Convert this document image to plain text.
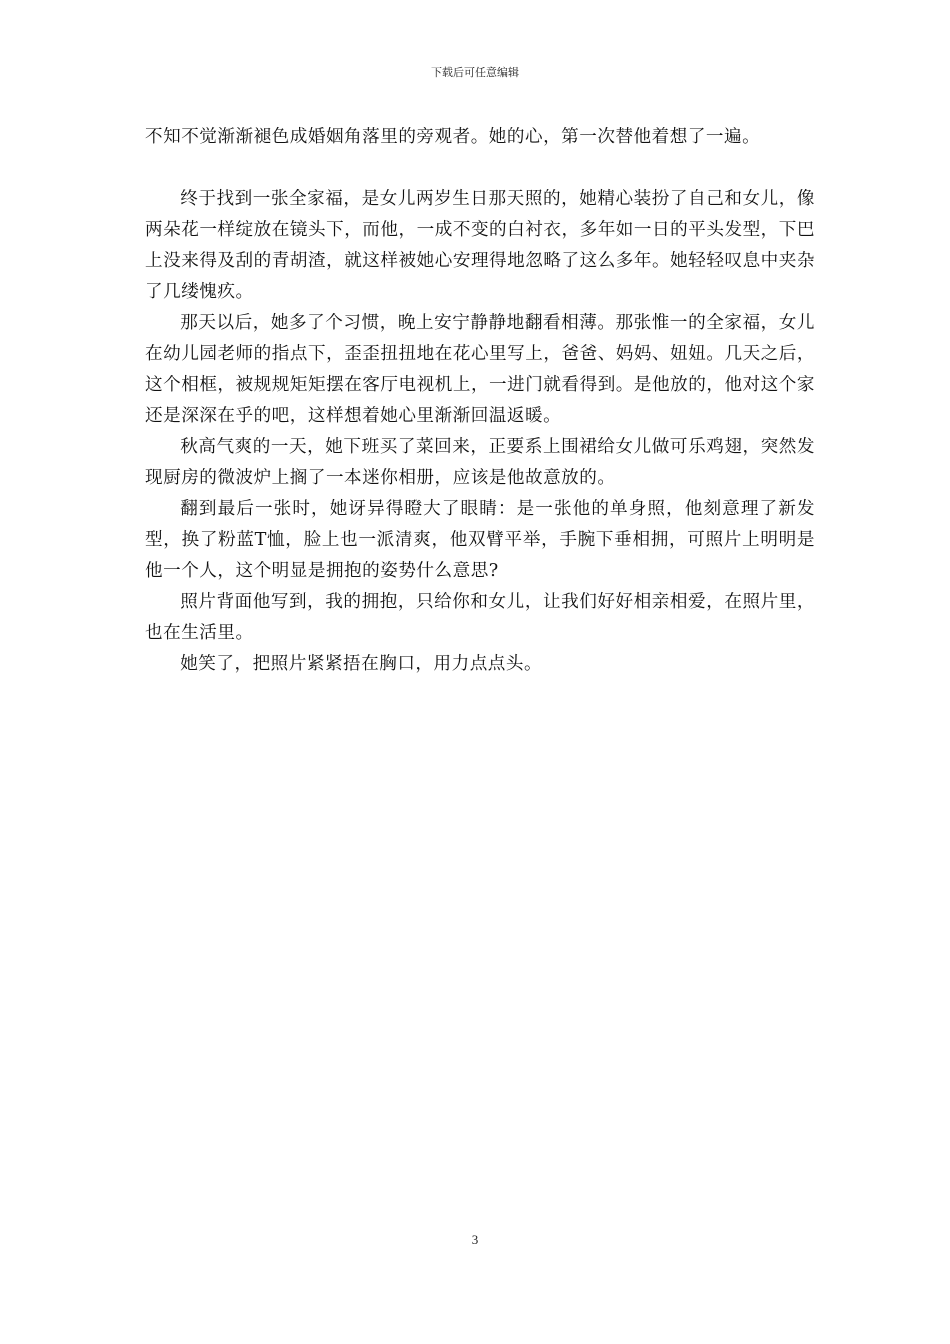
下载后可任意编辑

不知不觉渐渐褪色成婚姻角落里的旁观者。她的心，第一次替他着想了一遍。

终于找到一张全家福，是女儿两岁生日那天照的，她精心装扮了自己和女儿，像两朵花一样绽放在镜头下，而他，一成不变的白衬衣，多年如一日的平头发型，下巴上没来得及刮的青胡渣，就这样被她心安理得地忽略了这么多年。她轻轻叹息中夹杂了几缕愧疚。

那天以后，她多了个习惯，晚上安宁静静地翻看相薄。那张惟一的全家福，女儿在幼儿园老师的指点下，歪歪扭扭地在花心里写上，爸爸、妈妈、妞妞。几天之后，这个相框，被规规矩矩摆在客厅电视机上，一进门就看得到。是他放的，他对这个家还是深深在乎的吧，这样想着她心里渐渐回温返暖。

秋高气爽的一天，她下班买了菜回来，正要系上围裙给女儿做可乐鸡翅，突然发现厨房的微波炉上搁了一本迷你相册，应该是他故意放的。

翻到最后一张时，她讶异得瞪大了眼睛：是一张他的单身照，他刻意理了新发型，换了粉蓝T恤，脸上也一派清爽，他双臂平举，手腕下垂相拥，可照片上明明是他一个人，这个明显是拥抱的姿势什么意思?

照片背面他写到，我的拥抱，只给你和女儿，让我们好好相亲相爱，在照片里，也在生活里。

她笑了，把照片紧紧捂在胸口，用力点点头。

3
